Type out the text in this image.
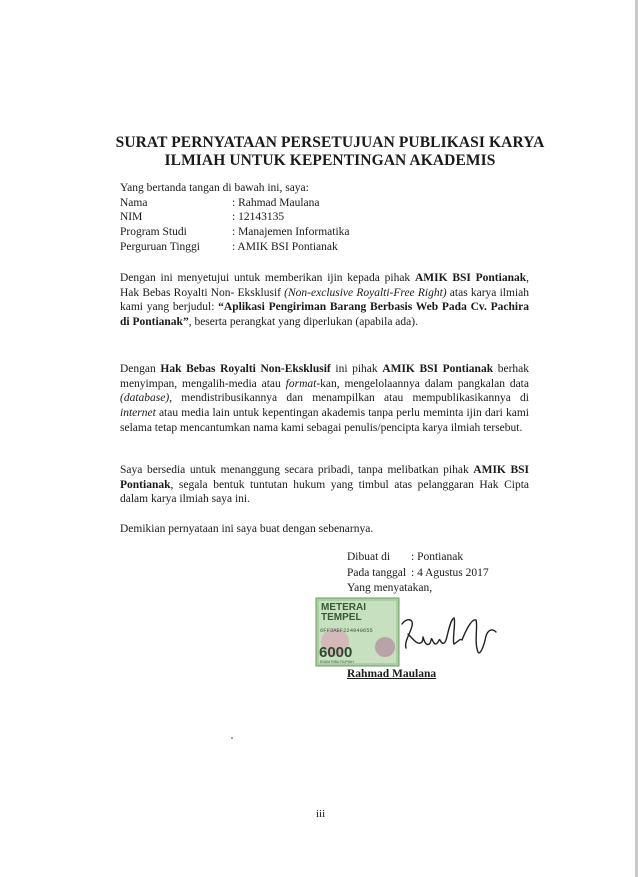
SURAT PERNYATAAN PERSETUJUAN PUBLIKASI KARYA
ILMIAH UNTUK KEPENTINGAN AKADEMIS
Yang bertanda tangan di bawah ini, saya:
Nama	: Rahmad Maulana
NIM	: 12143135
Program Studi	: Manajemen Informatika
Perguruan Tinggi	: AMIK BSI Pontianak
Dengan ini menyetujui untuk memberikan ijin kepada pihak AMIK BSI Pontianak, Hak Bebas Royalti Non- Eksklusif (Non-exclusive Royalti-Free Right) atas karya ilmiah kami yang berjudul: “Aplikasi Pengiriman Barang Berbasis Web Pada Cv. Pachira di Pontianak”, beserta perangkat yang diperlukan (apabila ada).
Dengan Hak Bebas Royalti Non-Eksklusif ini pihak AMIK BSI Pontianak berhak menyimpan, mengalih-media atau format-kan, mengelolaannya dalam pangkalan data (database), mendistribusikannya dan menampilkan atau mempublikasikannya di internet atau media lain untuk kepentingan akademis tanpa perlu meminta ijin dari kami selama tetap mencantumkan nama kami sebagai penulis/pencipta karya ilmiah tersebut.
Saya bersedia untuk menanggung secara pribadi, tanpa melibatkan pihak AMIK BSI Pontianak, segala bentuk tuntutan hukum yang timbul atas pelanggaran Hak Cipta dalam karya ilmiah saya ini.
Demikian pernyataan ini saya buat dengan sebenarnya.
Dibuat di : Pontianak
Pada tanggal : 4 Agustus 2017
Yang menyatakan,
METERAI
TEMPEL
6FF3AEF224940655
6000
ENAM RIBU RUPIAH
Rahmad Maulana
iii
